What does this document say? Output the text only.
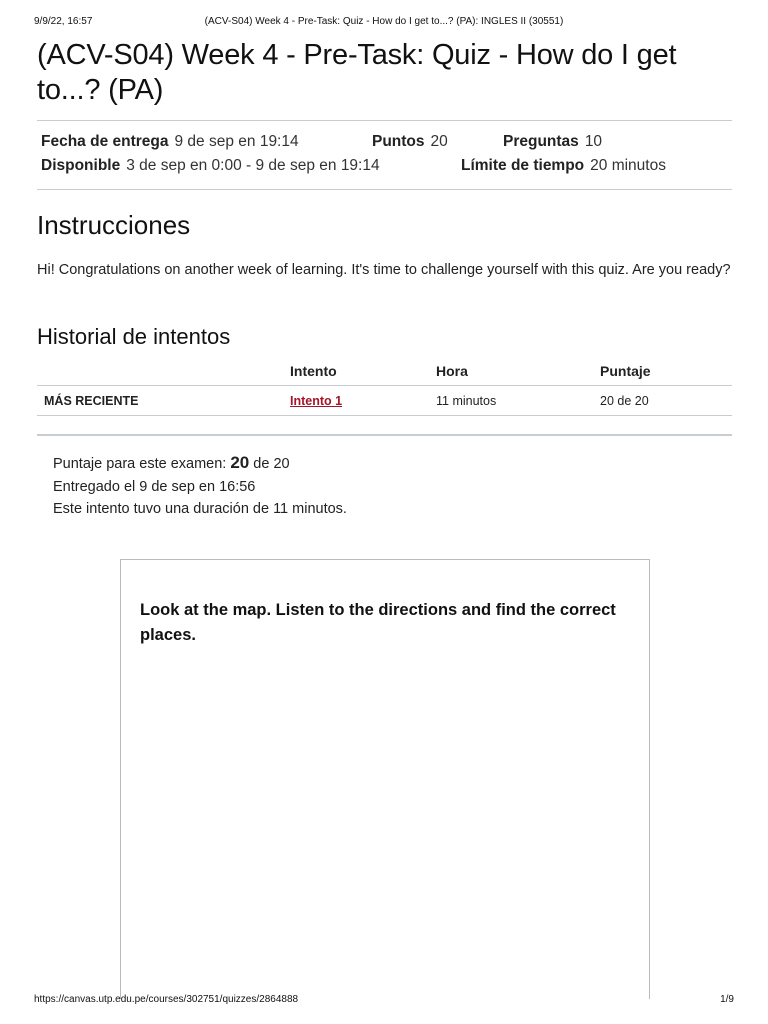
9/9/22, 16:57	(ACV-S04) Week 4 - Pre-Task: Quiz - How do I get to...? (PA): INGLES II (30551)
(ACV-S04) Week 4 - Pre-Task: Quiz - How do I get to...? (PA)
Fecha de entrega 9 de sep en 19:14	Puntos 20	Preguntas 10
Disponible 3 de sep en 0:00 - 9 de sep en 19:14	Límite de tiempo 20 minutos
Instrucciones

Hi! Congratulations on another week of learning. It's time to challenge yourself with this quiz. Are you ready?

Historial de intentos
	Intento	Hora	Puntaje
MÁS RECIENTE	Intento 1	11 minutos	20 de 20
Puntaje para este examen: 20 de 20
Entregado el 9 de sep en 16:56
Este intento tuvo una duración de 11 minutos.
Look at the map. Listen to the directions and find the correct places.
https://canvas.utp.edu.pe/courses/302751/quizzes/2864888	1/9
